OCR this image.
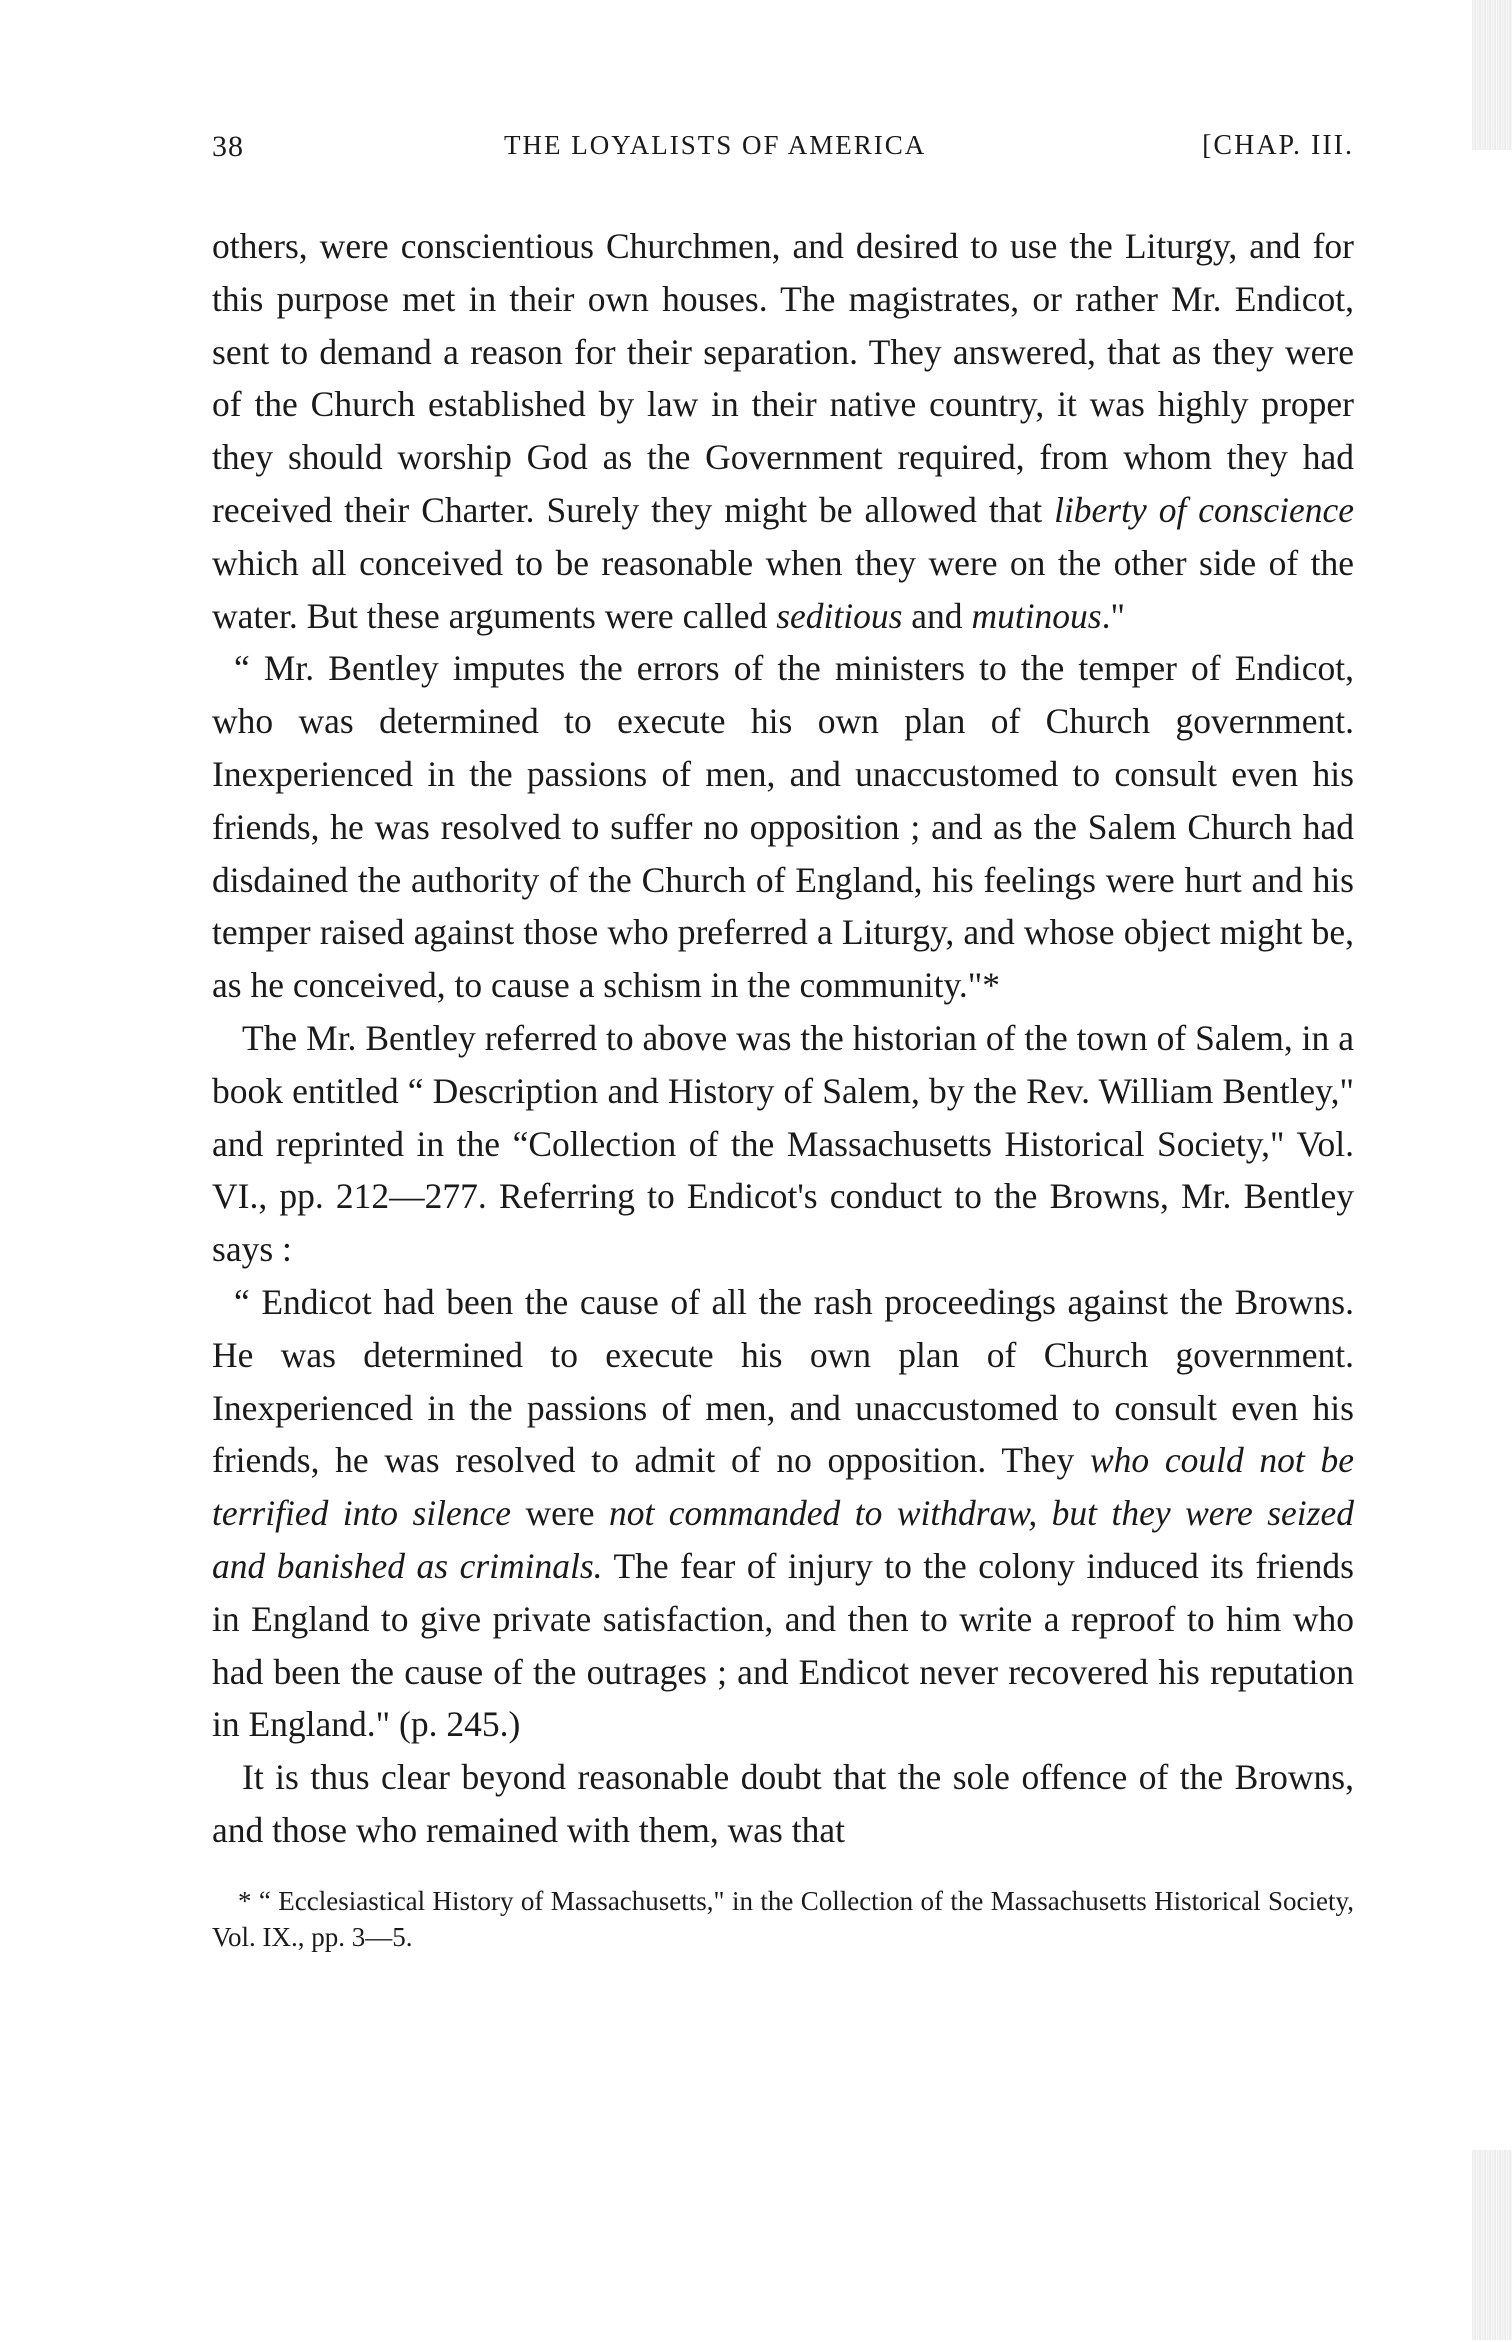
38	THE LOYALISTS OF AMERICA	[CHAP. III.

others, were conscientious Churchmen, and desired to use the Liturgy, and for this purpose met in their own houses. The magistrates, or rather Mr. Endicot, sent to demand a reason for their separation. They answered, that as they were of the Church established by law in their native country, it was highly proper they should worship God as the Government required, from whom they had received their Charter. Surely they might be allowed that liberty of conscience which all conceived to be reasonable when they were on the other side of the water. But these arguments were called seditious and mutinous."

“ Mr. Bentley imputes the errors of the ministers to the temper of Endicot, who was determined to execute his own plan of Church government. Inexperienced in the passions of men, and unaccustomed to consult even his friends, he was resolved to suffer no opposition ; and as the Salem Church had disdained the authority of the Church of England, his feelings were hurt and his temper raised against those who preferred a Liturgy, and whose object might be, as he conceived, to cause a schism in the community."*

The Mr. Bentley referred to above was the historian of the town of Salem, in a book entitled “ Description and History of Salem, by the Rev. William Bentley," and reprinted in the “Collection of the Massachusetts Historical Society," Vol. VI., pp. 212—277. Referring to Endicot's conduct to the Browns, Mr. Bentley says :

“ Endicot had been the cause of all the rash proceedings against the Browns. He was determined to execute his own plan of Church government. Inexperienced in the passions of men, and unaccustomed to consult even his friends, he was resolved to admit of no opposition. They who could not be terrified into silence were not commanded to withdraw, but they were seized and banished as criminals. The fear of injury to the colony induced its friends in England to give private satisfaction, and then to write a reproof to him who had been the cause of the outrages ; and Endicot never recovered his reputation in England." (p. 245.)

It is thus clear beyond reasonable doubt that the sole offence of the Browns, and those who remained with them, was that

* “ Ecclesiastical History of Massachusetts," in the Collection of the Massachusetts Historical Society, Vol. IX., pp. 3—5.
